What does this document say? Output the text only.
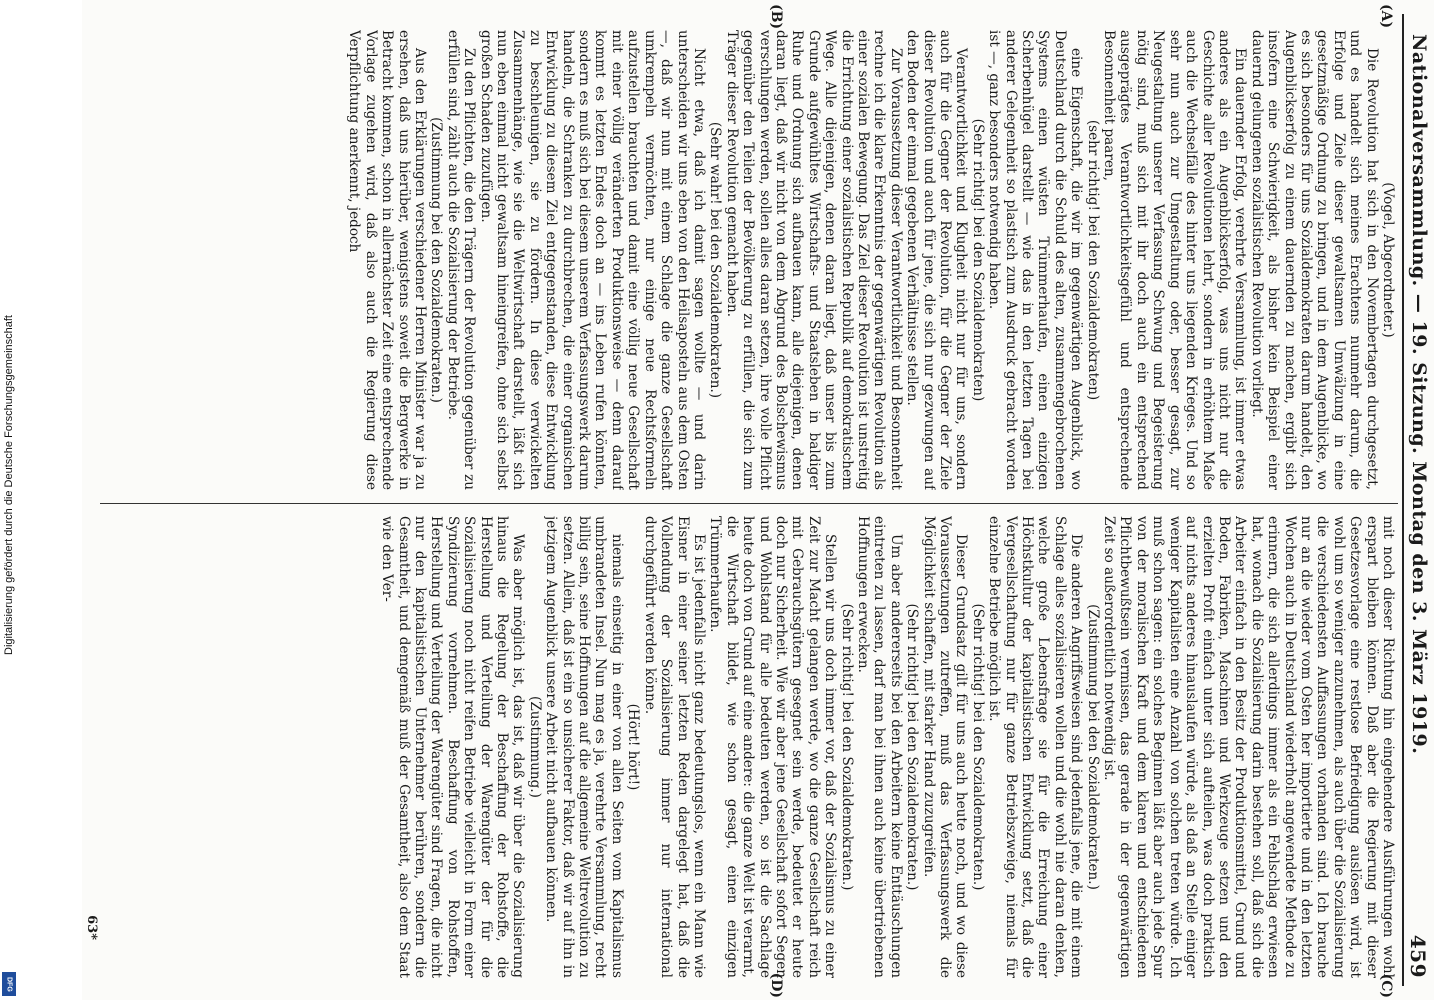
Digitalisierung gefördert durch die Deutsche Forschungsgemeinschaft
DFG
Nationalversammlung. — 19. Sitzung. Montag den 3. März 1919.
459
(A)
(B)
(C)
(D)

(Vogel, Abgeordneter.)

Die Revolution hat sich in den Novembertagen durchgesetzt, und es handelt sich meines Erachtens nunmehr darum, die Erfolge und Ziele dieser gewaltsamen Umwälzung in eine gesetzmäßige Ordnung zu bringen, und in dem Augenblicke, wo es sich besonders für uns Sozialdemokraten darum handelt, den Augenblickserfolg zu einem dauernden zu machen, ergibt sich insofern eine Schwierigkeit, als bisher kein Beispiel einer dauernd gelungenen sozialistischen Revolution vorliegt.

Ein dauernder Erfolg, verehrte Versammlung, ist immer etwas anderes als ein Augenblickserfolg, was uns nicht nur die Geschichte aller Revolutionen lehrt, sondern in erhöhtem Maße auch die Wechselfälle des hinter uns liegenden Krieges. Und so sehr nun auch zur Umgestaltung oder, besser gesagt, zur Neugestaltung unserer Verfassung Schwung und Begeisterung nötig sind, muß sich mit ihr doch auch ein entsprechend ausgeprägtes Verantwortlichkeitsgefühl und entsprechende Besonnenheit paaren,

(sehr richtig! bei den Sozialdemokraten)

eine Eigenschaft, die wir im gegenwärtigen Augenblick, wo Deutschland durch die Schuld des alten, zusammengebrochenen Systems einen wüsten Trümmerhaufen, einen einzigen Scherbenhügel darstellt — wie das in den letzten Tagen bei anderer Gelegenheit so plastisch zum Ausdruck gebracht worden ist —, ganz besonders notwendig haben.

(Sehr richtig! bei den Sozialdemokraten)

Verantwortlichkeit und Klugheit nicht nur für uns, sondern auch für die Gegner der Revolution, für die Gegner der Ziele dieser Revolution und auch für jene, die sich nur gezwungen auf den Boden der einmal gegebenen Verhältnisse stellen.

Zur Voraussetzung dieser Verantwortlichkeit und Besonnenheit rechne ich die klare Erkenntnis der gegenwärtigen Revolution als einer sozialen Bewegung. Das Ziel dieser Revolution ist unstreitig die Errichtung einer sozialistischen Republik auf demokratischem Wege. Alle diejenigen, denen daran liegt, daß unser bis zum Grunde aufgewühltes Wirtschafts- und Staatsleben in baldiger Ruhe und Ordnung sich aufbauen kann, alle diejenigen, denen daran liegt, daß wir nicht von dem Abgrund des Bolschewismus verschlungen werden, sollen alles daran setzen, ihre volle Pflicht gegenüber den Teilen der Bevölkerung zu erfüllen, die sich zum Träger dieser Revolution gemacht haben.

(Sehr wahr! bei den Sozialdemokraten.)

Nicht etwa, daß ich damit sagen wollte — und darin unterscheiden wir uns eben von den Heilsaposteln aus dem Osten —, daß wir nun mit einem Schlage die ganze Gesellschaft umkrempeln vermöchten, nur einige neue Rechtsformeln aufzustellen brauchten und damit eine völlig neue Gesellschaft mit einer völlig veränderten Produktionsweise — denn darauf kommt es letzten Endes doch an — ins Leben rufen könnten, sondern es muß sich bei diesem unserem Verfassungswerk darum handeln, die Schranken zu durchbrechen, die einer organischen Entwicklung zu diesem Ziel entgegenstanden, diese Entwicklung zu beschleunigen, sie zu fördern. In diese verwickelten Zusammenhänge, wie sie die Weltwirtschaft darstellt, läßt sich nun eben einmal nicht gewaltsam hineingreifen, ohne sich selbst großen Schaden zuzufügen.

Zu den Pflichten, die den Trägern der Revolution gegenüber zu erfüllen sind, zählt auch die Sozialisierung der Betriebe.

(Zustimmung bei den Sozialdemokraten.)

Aus den Erklärungen verschiedener Herren Minister war ja zu ersehen, daß uns hierüber, wenigstens soweit die Bergwerke in Betracht kommen, schon in allernächster Zeit eine entsprechende Vorlage zugehen wird, daß also auch die Regierung diese Verpflichtung anerkennt, jedoch

mit noch dieser Richtung hin eingehendere Ausführungen wohl erspart bleiben können. Daß aber die Regierung mit dieser Gesetzesvorlage eine restlose Befriedigung auslösen wird, ist wohl um so weniger anzunehmen, als auch über die Sozialisierung die verschiedensten Auffassungen vorhanden sind. Ich brauche nur an die wieder vom Osten her importierte und in den letzten Wochen auch in Deutschland wiederholt angewendete Methode zu erinnern, die sich allerdings immer als ein Fehlschlag erwiesen hat, wonach die Sozialisierung darin bestehen soll, daß sich die Arbeiter einfach in den Besitz der Produktionsmittel, Grund und Boden, Fabriken, Maschinen und Werkzeuge setzen und den erzielten Profit einfach unter sich aufteilen, was doch praktisch auf nichts anderes hinauslaufen würde, als daß an Stelle einiger weniger Kapitalisten eine Anzahl von solchen treten würde. Ich muß schon sagen: ein solches Beginnen läßt aber auch jede Spur von der moralischen Kraft und dem klaren und entschiedenen Pflichtbewußtsein vermissen, das gerade in der gegenwärtigen Zeit so außerordentlich notwendig ist.

(Zustimmung bei den Sozialdemokraten.)

Die anderen Angriffsweisen sind jedenfalls jene, die mit einem Schlage alles sozialisieren wollen und die wohl nie daran denken, welche große Lebensfrage sie für die Erreichung einer Höchstkultur der kapitalistischen Entwicklung setzt, daß die Vergesellschaftung nur für ganze Betriebszweige, niemals für einzelne Betriebe möglich ist.

(Sehr richtig! bei den Sozialdemokraten.)

Dieser Grundsatz gilt für uns auch heute noch, und wo diese Voraussetzungen zutreffen, muß das Verfassungswerk die Möglichkeit schaffen, mit starker Hand zuzugreifen.

(Sehr richtig! bei den Sozialdemokraten.)

Um aber andererseits bei den Arbeitern keine Enttäuschungen eintreten zu lassen, darf man bei ihnen auch keine übertriebenen Hoffnungen erwecken.

(Sehr richtig! bei den Sozialdemokraten.)

Stellen wir uns doch immer vor, daß der Sozialismus zu einer Zeit zur Macht gelangen werde, wo die ganze Gesellschaft reich mit Gebrauchsgütern gesegnet sein werde, bedeutet er heute doch nur Sicherheit. Wie wir aber jene Gesellschaft sofort Segen und Wohlstand für alle bedeuten werden, so ist die Sachlage heute doch von Grund auf eine andere: die ganze Welt ist verarmt, die Wirtschaft bildet, wie schon gesagt, einen einzigen Trümmerhaufen.

Es ist jedenfalls nicht ganz bedeutungslos, wenn ein Mann wie Eisner in einer seiner letzten Reden dargelegt hat, daß die Vollendung der Sozialisierung immer nur international durchgeführt werden könne.

(Hört! hört!)

niemals einseitig in einer von allen Seiten vom Kapitalismus umbrandeten Insel. Nun mag es ja, verehrte Versammlung, recht billig sein, seine Hoffnungen auf die allgemeine Weltrevolution zu setzen. Allein, daß ist ein so unsicherer Faktor, daß wir auf ihn in jetzigem Augenblick unsere Arbeit nicht aufbauen können.

(Zustimmung.)

Was aber möglich ist, das ist, daß wir über die Sozialisierung hinaus die Regelung der Beschaffung der Rohstoffe, die Herstellung und Verteilung der Warengüter der für die Sozialisierung noch nicht reifen Betriebe vielleicht in Form einer Syndizierung vornehmen. Beschaffung von Rohstoffen, Herstellung und Verteilung der Warengüter sind Fragen, die nicht nur den kapitalistischen Unternehmer berühren, sondern die Gesamtheit, und demgemäß muß der Gesamtheit, also dem Staat wie den Ver-

63*
